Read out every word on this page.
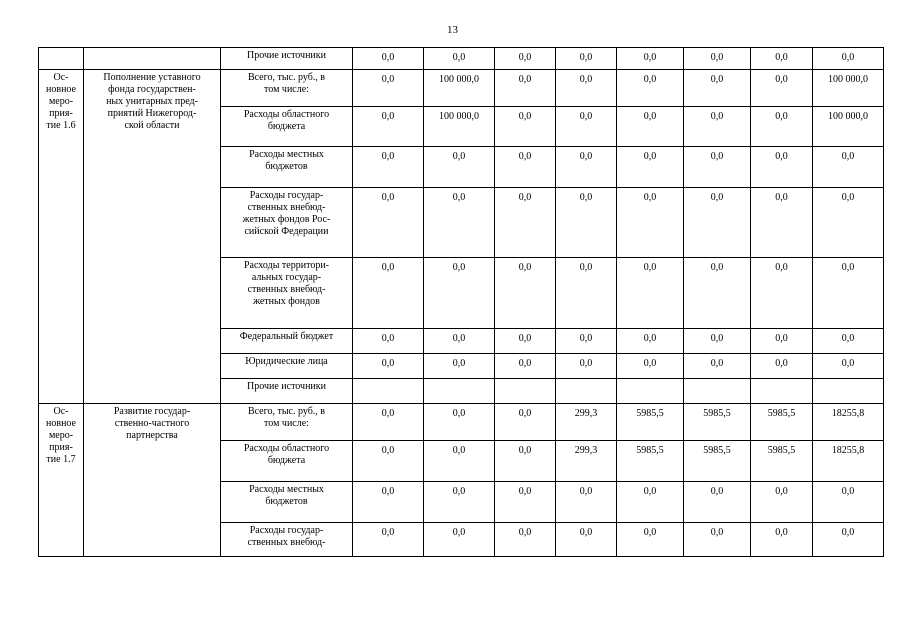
13
		Прочие источники	0,0	0,0	0,0	0,0	0,0	0,0	0,0	0,0
Ос-
новное
меро-
прия-
тие 1.6	Пополнение уставного
фонда государствен-
ных унитарных пред-
приятий Нижегород-
ской области	Всего, тыс. руб., в
том числе:	0,0	100 000,0	0,0	0,0	0,0	0,0	0,0	100 000,0
		Расходы областного
бюджета	0,0	100 000,0	0,0	0,0	0,0	0,0	0,0	100 000,0
		Расходы местных
бюджетов	0,0	0,0	0,0	0,0	0,0	0,0	0,0	0,0
		Расходы государ-
ственных внебюд-
жетных фондов Рос-
сийской Федерации	0,0	0,0	0,0	0,0	0,0	0,0	0,0	0,0
		Расходы территори-
альных государ-
ственных внебюд-
жетных фондов	0,0	0,0	0,0	0,0	0,0	0,0	0,0	0,0
		Федеральный бюджет	0,0	0,0	0,0	0,0	0,0	0,0	0,0	0,0
		Юридические лица	0,0	0,0	0,0	0,0	0,0	0,0	0,0	0,0
		Прочие источники								
Ос-
новное
меро-
прия-
тие 1.7	Развитие государ-
ственно-частного
партнерства	Всего, тыс. руб., в
том числе:	0,0	0,0	0,0	299,3	5985,5	5985,5	5985,5	18255,8
		Расходы областного
бюджета	0,0	0,0	0,0	299,3	5985,5	5985,5	5985,5	18255,8
		Расходы местных
бюджетов	0,0	0,0	0,0	0,0	0,0	0,0	0,0	0,0
		Расходы государ-
ственных внебюд-	0,0	0,0	0,0	0,0	0,0	0,0	0,0	0,0
